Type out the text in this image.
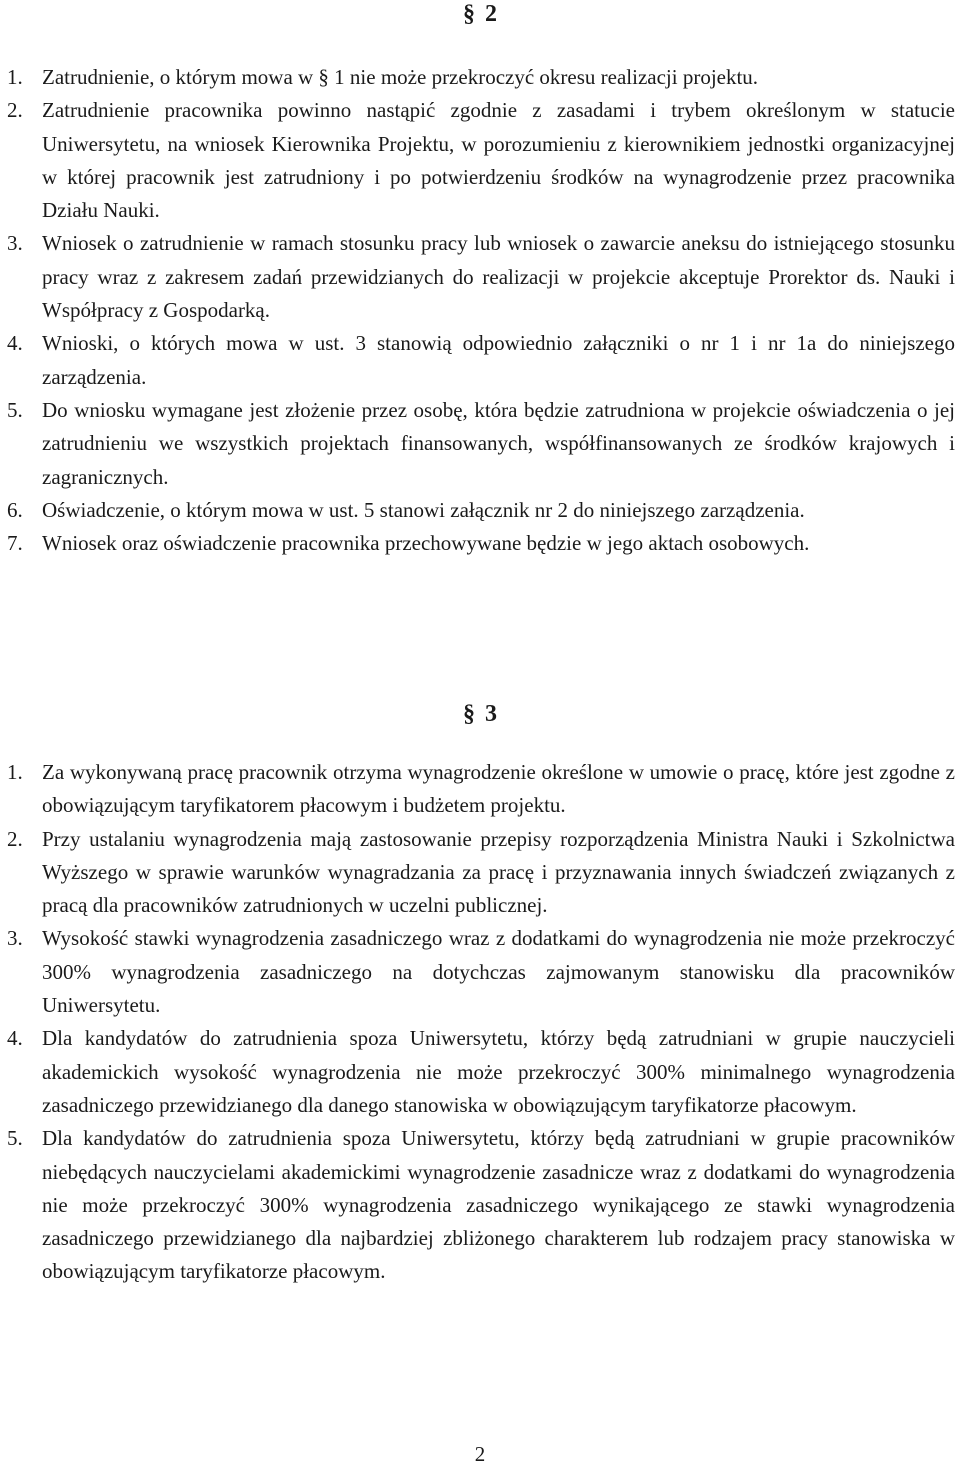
§ 2
1. Zatrudnienie, o którym mowa w § 1 nie może przekroczyć okresu realizacji projektu.
2. Zatrudnienie pracownika powinno nastąpić zgodnie z zasadami i trybem określonym w statucie Uniwersytetu, na wniosek Kierownika Projektu, w porozumieniu z kierownikiem jednostki organizacyjnej w której pracownik jest zatrudniony i po potwierdzeniu środków na wynagrodzenie przez pracownika Działu Nauki.
3. Wniosek o zatrudnienie w ramach stosunku pracy lub wniosek o zawarcie aneksu do istniejącego stosunku pracy wraz z zakresem zadań przewidzianych do realizacji w projekcie akceptuje Prorektor ds. Nauki i Współpracy z Gospodarką.
4. Wnioski, o których mowa w ust. 3 stanowią odpowiednio załączniki o nr 1 i nr 1a do niniejszego zarządzenia.
5. Do wniosku wymagane jest złożenie przez osobę, która będzie zatrudniona w projekcie oświadczenia o jej zatrudnieniu we wszystkich projektach finansowanych, współfinansowanych ze środków krajowych i zagranicznych.
6. Oświadczenie, o którym mowa w ust. 5 stanowi załącznik nr 2 do niniejszego zarządzenia.
7. Wniosek oraz oświadczenie pracownika przechowywane będzie w jego aktach osobowych.
§ 3
1. Za wykonywaną pracę pracownik otrzyma wynagrodzenie określone w umowie o pracę, które jest zgodne z obowiązującym taryfikatorem płacowym i budżetem projektu.
2. Przy ustalaniu wynagrodzenia mają zastosowanie przepisy rozporządzenia Ministra Nauki i Szkolnictwa Wyższego w sprawie warunków wynagradzania za pracę i przyznawania innych świadczeń związanych z pracą dla pracowników zatrudnionych w uczelni publicznej.
3. Wysokość stawki wynagrodzenia zasadniczego wraz z dodatkami do wynagrodzenia nie może przekroczyć 300% wynagrodzenia zasadniczego na dotychczas zajmowanym stanowisku dla pracowników Uniwersytetu.
4. Dla kandydatów do zatrudnienia spoza Uniwersytetu, którzy będą zatrudniani w grupie nauczycieli akademickich wysokość wynagrodzenia nie może przekroczyć 300% minimalnego wynagrodzenia zasadniczego przewidzianego dla danego stanowiska w obowiązującym taryfikatorze płacowym.
5. Dla kandydatów do zatrudnienia spoza Uniwersytetu, którzy będą zatrudniani w grupie pracowników niebędących nauczycielami akademickimi wynagrodzenie zasadnicze wraz z dodatkami do wynagrodzenia nie może przekroczyć 300% wynagrodzenia zasadniczego wynikającego ze stawki wynagrodzenia zasadniczego przewidzianego dla najbardziej zbliżonego charakterem lub rodzajem pracy stanowiska w obowiązującym taryfikatorze płacowym.
2
